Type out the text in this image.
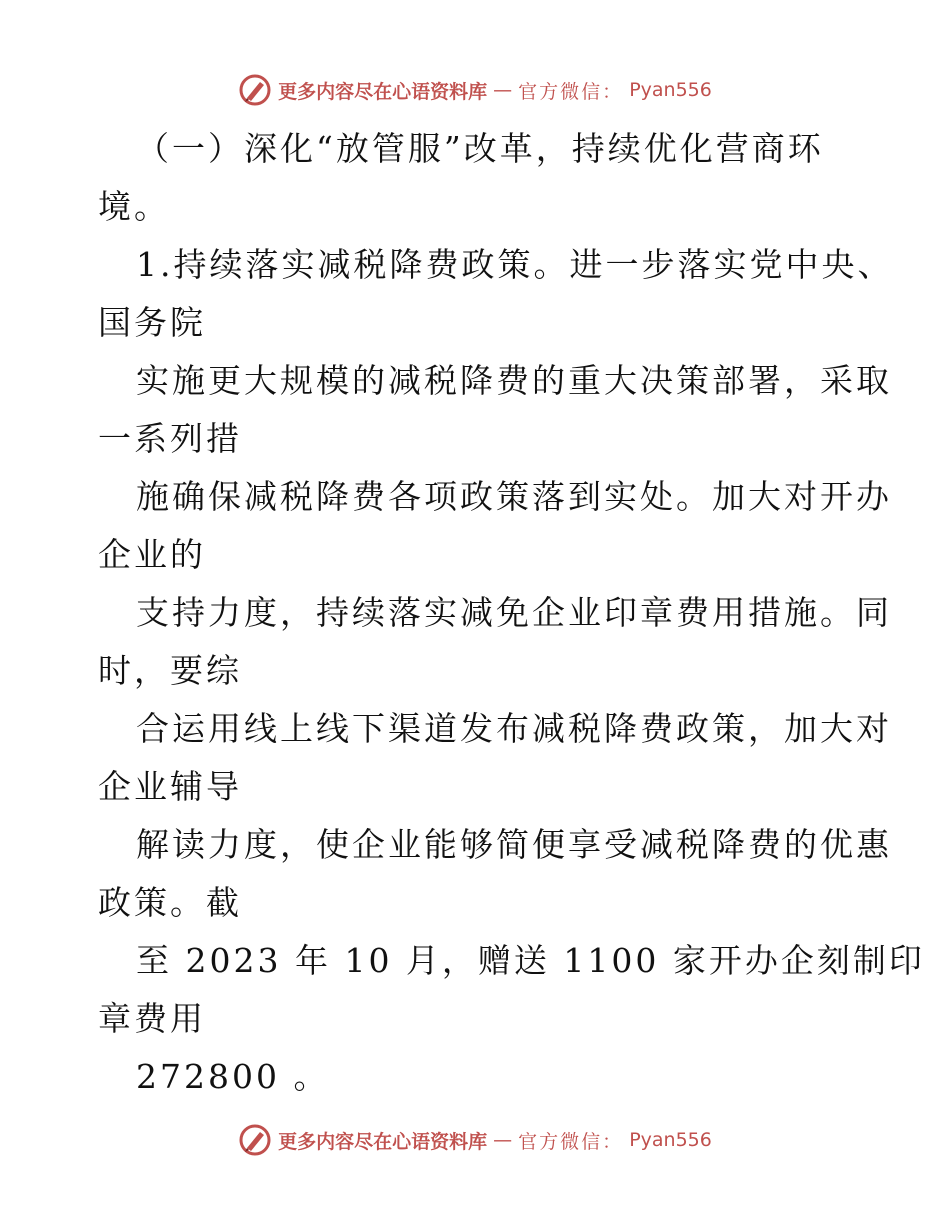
更多内容尽在心语资料库 — 官方微信： Pyan556
（一）深化“放管服”改革，持续优化营商环
境。
1.持续落实减税降费政策。进一步落实党中央、
国务院
实施更大规模的减税降费的重大决策部署，采取
一系列措
施确保减税降费各项政策落到实处。加大对开办
企业的
支持力度，持续落实减免企业印章费用措施。同
时，要综
合运用线上线下渠道发布减税降费政策，加大对
企业辅导
解读力度，使企业能够简便享受减税降费的优惠
政策。截
至 2023 年 10 月，赠送 1100 家开办企刻制印
章费用
272800 。
更多内容尽在心语资料库 — 官方微信： Pyan556
